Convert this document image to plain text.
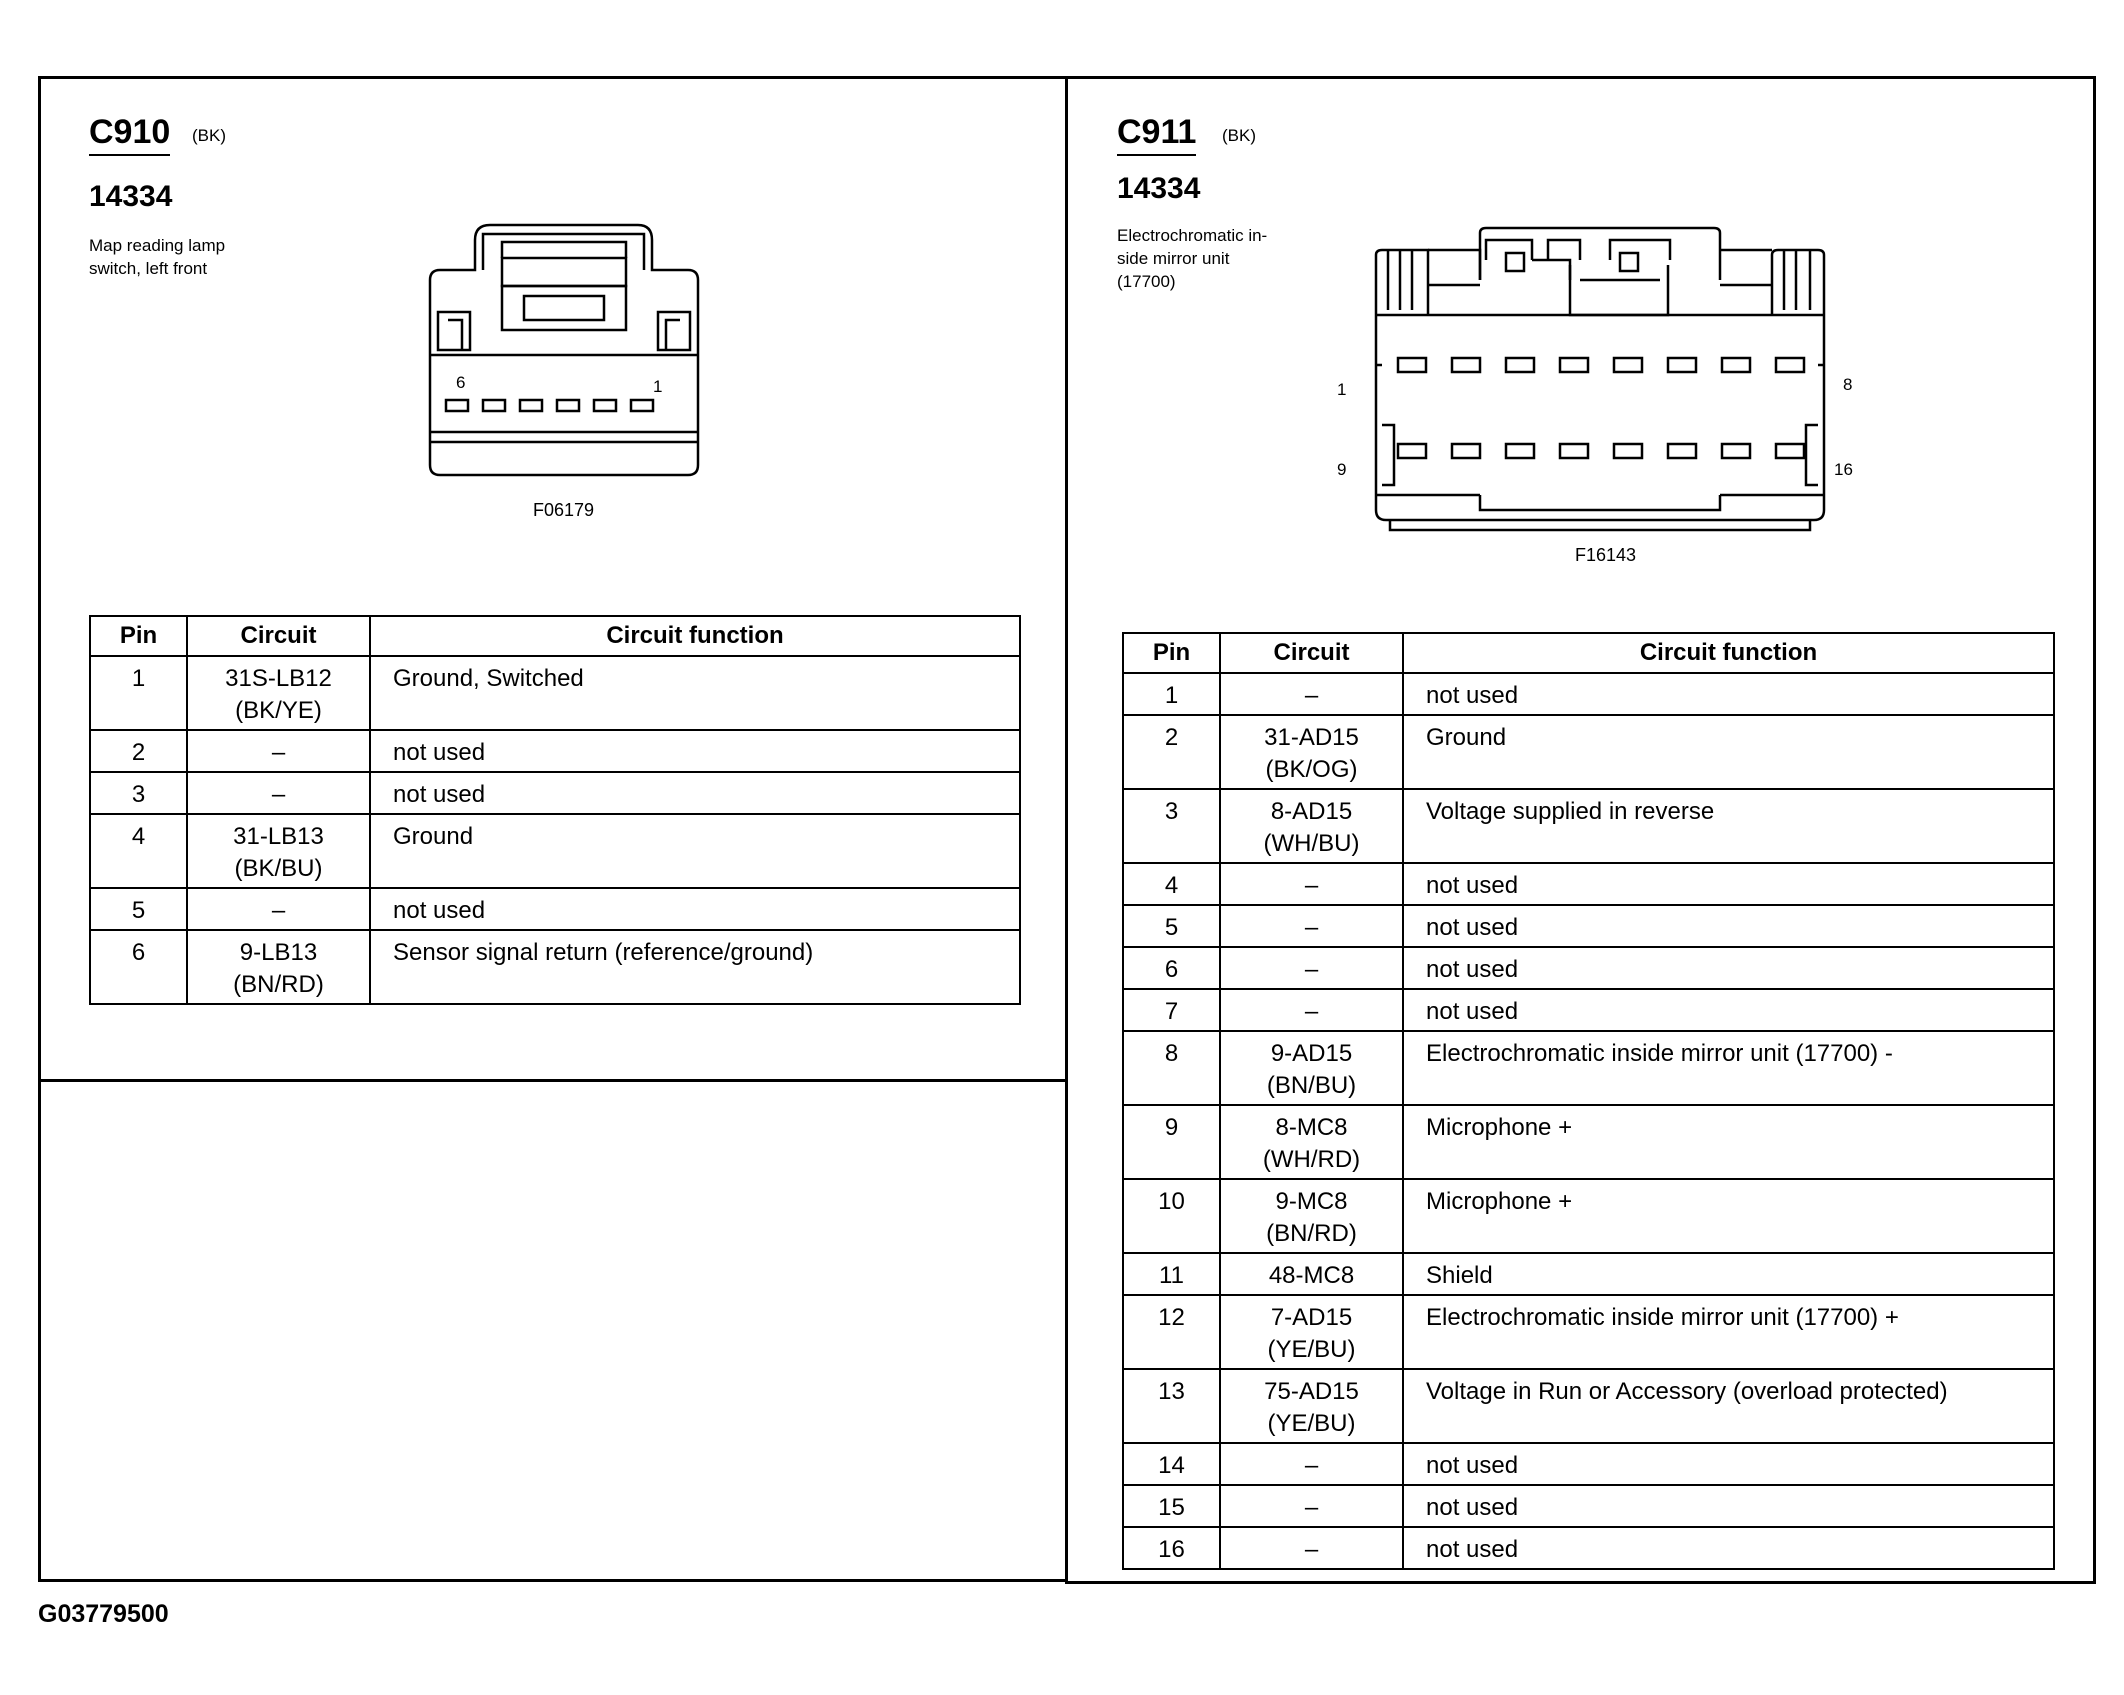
C910 (BK)
14334
Map reading lamp
switch, left front
6	1
F06179
Pin	Circuit	Circuit function
1	31S-LB12
(BK/YE)	Ground, Switched
2	–	not used
3	–	not used
4	31-LB13
(BK/BU)	Ground
5	–	not used
6	9-LB13
(BN/RD)	Sensor signal return (reference/ground)
C911 (BK)
14334
Electrochromatic in-
side mirror unit
(17700)
1	8
9	16
F16143
Pin	Circuit	Circuit function
1	–	not used
2	31-AD15
(BK/OG)	Ground
3	8-AD15
(WH/BU)	Voltage supplied in reverse
4	–	not used
5	–	not used
6	–	not used
7	–	not used
8	9-AD15
(BN/BU)	Electrochromatic inside mirror unit (17700) -
9	8-MC8
(WH/RD)	Microphone +
10	9-MC8
(BN/RD)	Microphone +
11	48-MC8	Shield
12	7-AD15
(YE/BU)	Electrochromatic inside mirror unit (17700) +
13	75-AD15
(YE/BU)	Voltage in Run or Accessory (overload protected)
14	–	not used
15	–	not used
16	–	not used
G03779500
